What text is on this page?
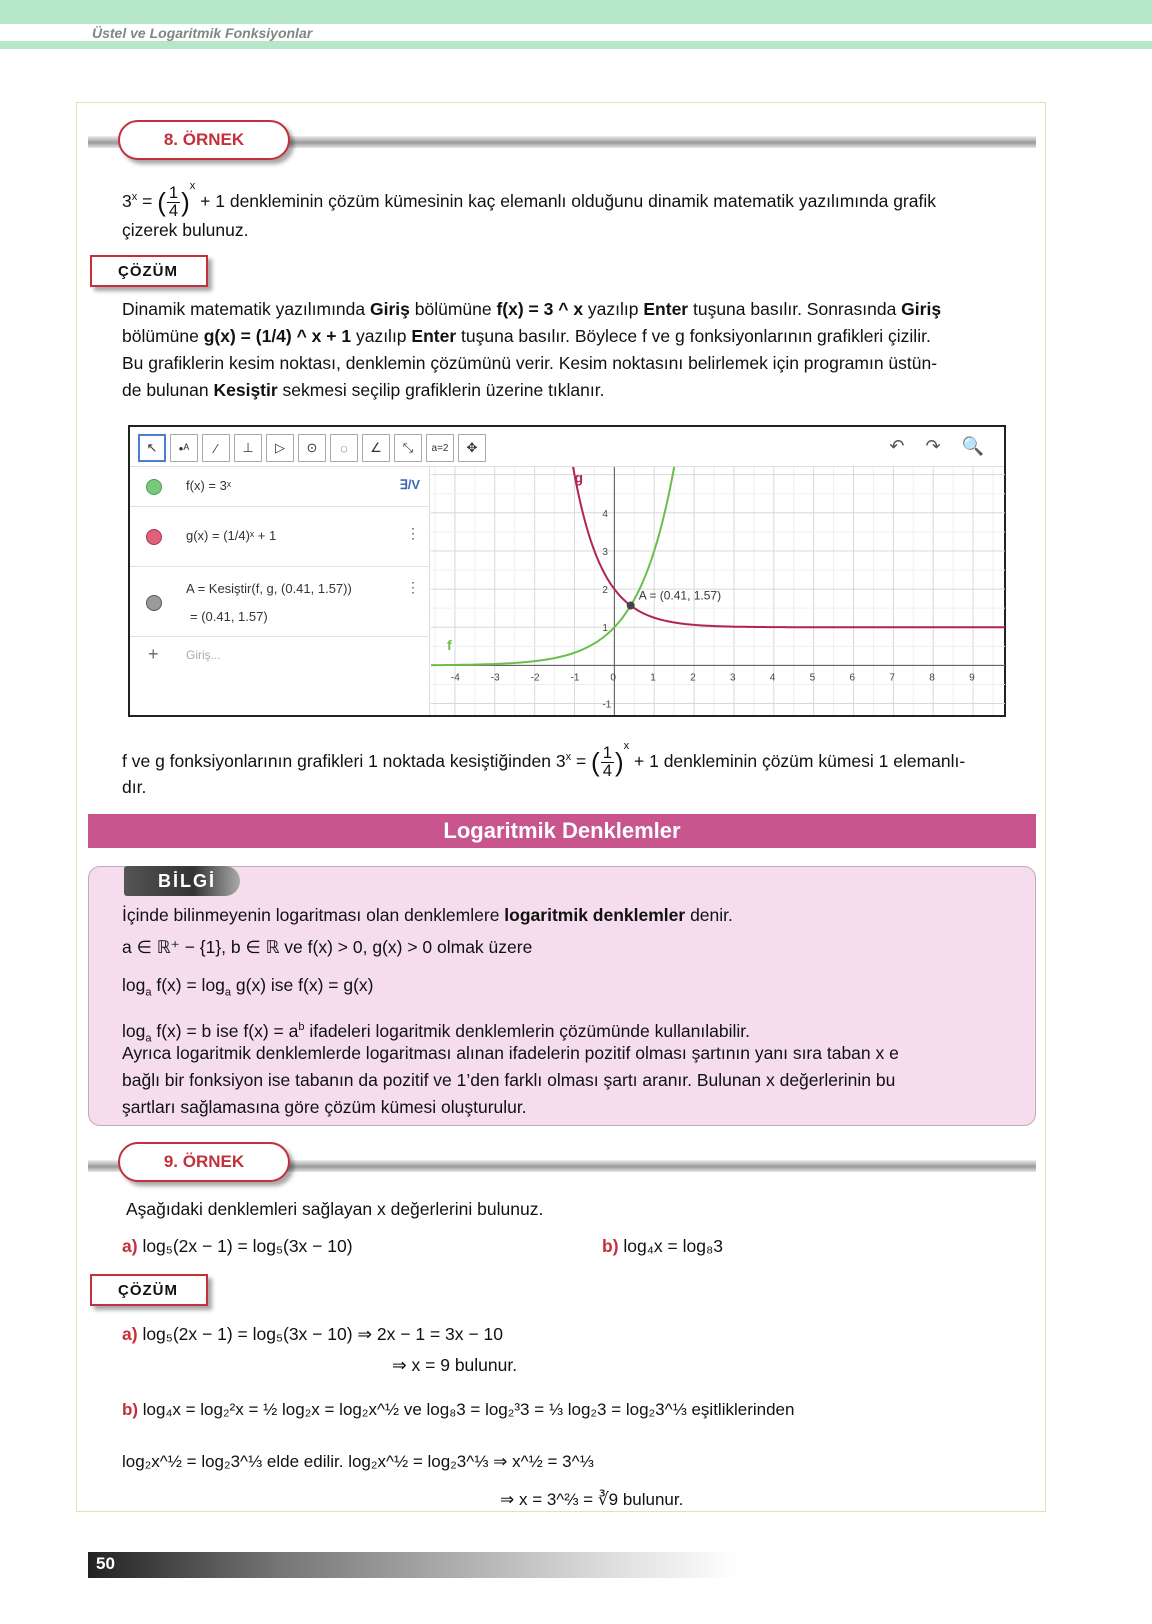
Üstel ve Logaritmik Fonksiyonlar
8. ÖRNEK
$3^x$ = ( $\frac{1}{4} )^x + 1$ denkleminin çözüm kümesinin kaç elemanlı olduğunu dinamik matematik yazılımında grafik
çizerek bulunuz.
ÇÖZÜM
Dinamik matematik yazılımında Giriş bölümüne f(x) = 3 ^ x yazılıp Enter tuşuna basılır. Sonrasında Giriş
bölümüne g(x) = (1/4) ^ x + 1 yazılıp Enter tuşuna basılır. Böylece f ve g fonksiyonlarının grafikleri çizilir.
Bu grafiklerin kesim noktası, denklemin çözümünü verir. Kesim noktasını belirlemek için programın üstün-
de bulunan Kesiştir sekmesi seçilip grafiklerin üzerine tıklanır.
↖	•ᴬ	⁄	⊥	▷	⊙	◌	∠	⤡	a=2	✥	↶ ↷ 🔍
f(x) = 3ˣ	∃/V
g(x) = (1/4)ˣ + 1	⋮
A = Kesiştir(f, g, (0.41, 1.57))
= (0.41, 1.57)
⋮
+ Giriş...
-4	-3	-2	-1	0	1	2	3	4	5	6	7	8	9
-1
1
2
3
4
A = (0.41, 1.57)
f
g
f ve g fonksiyonlarının grafikleri 1 noktada kesiştiğinden $3^x$ = ( $\frac{1}{4} )^x + 1$ denkleminin çözüm kümesi 1 elemanlı-
dır.
Logaritmik Denklemler
BİLGİ
İçinde bilinmeyenin logaritması olan denklemlere logaritmik denklemler denir.
a ∈ ℝ⁺ − {1}, b ∈ ℝ ve f(x) > 0, g(x) > 0 olmak üzere
$\log_a f(x) = \log_a g(x)$ ise f(x) = g(x)
$\log_a f(x) = b$ ise $f(x) = a^b$ ifadeleri logaritmik denklemlerin çözümünde kullanılabilir.
Ayrıca logaritmik denklemlerde logaritması alınan ifadelerin pozitif olması şartının yanı sıra taban x e
bağlı bir fonksiyon ise tabanın da pozitif ve 1’den farklı olması şartı aranır. Bulunan x değerlerinin bu
şartları sağlamasına göre çözüm kümesi oluşturulur.
9. ÖRNEK
Aşağıdaki denklemleri sağlayan x değerlerini bulunuz.
a) log₅(2x − 1) = log₅(3x − 10)	b) log₄x = log₈3
ÇÖZÜM
a) log₅(2x − 1) = log₅(3x − 10) ⇒ 2x − 1 = 3x − 10
⇒ x = 9 bulunur.
b) log₄x = log₂²x = ½ log₂x = log₂x^½ ve log₈3 = log₂³3 = ⅓ log₂3 = log₂3^⅓ eşitliklerinden
log₂x^½ = log₂3^⅓ elde edilir. log₂x^½ = log₂3^⅓ ⇒ x^½ = 3^⅓
⇒ x = 3^⅔ = ∛9 bulunur.
50
